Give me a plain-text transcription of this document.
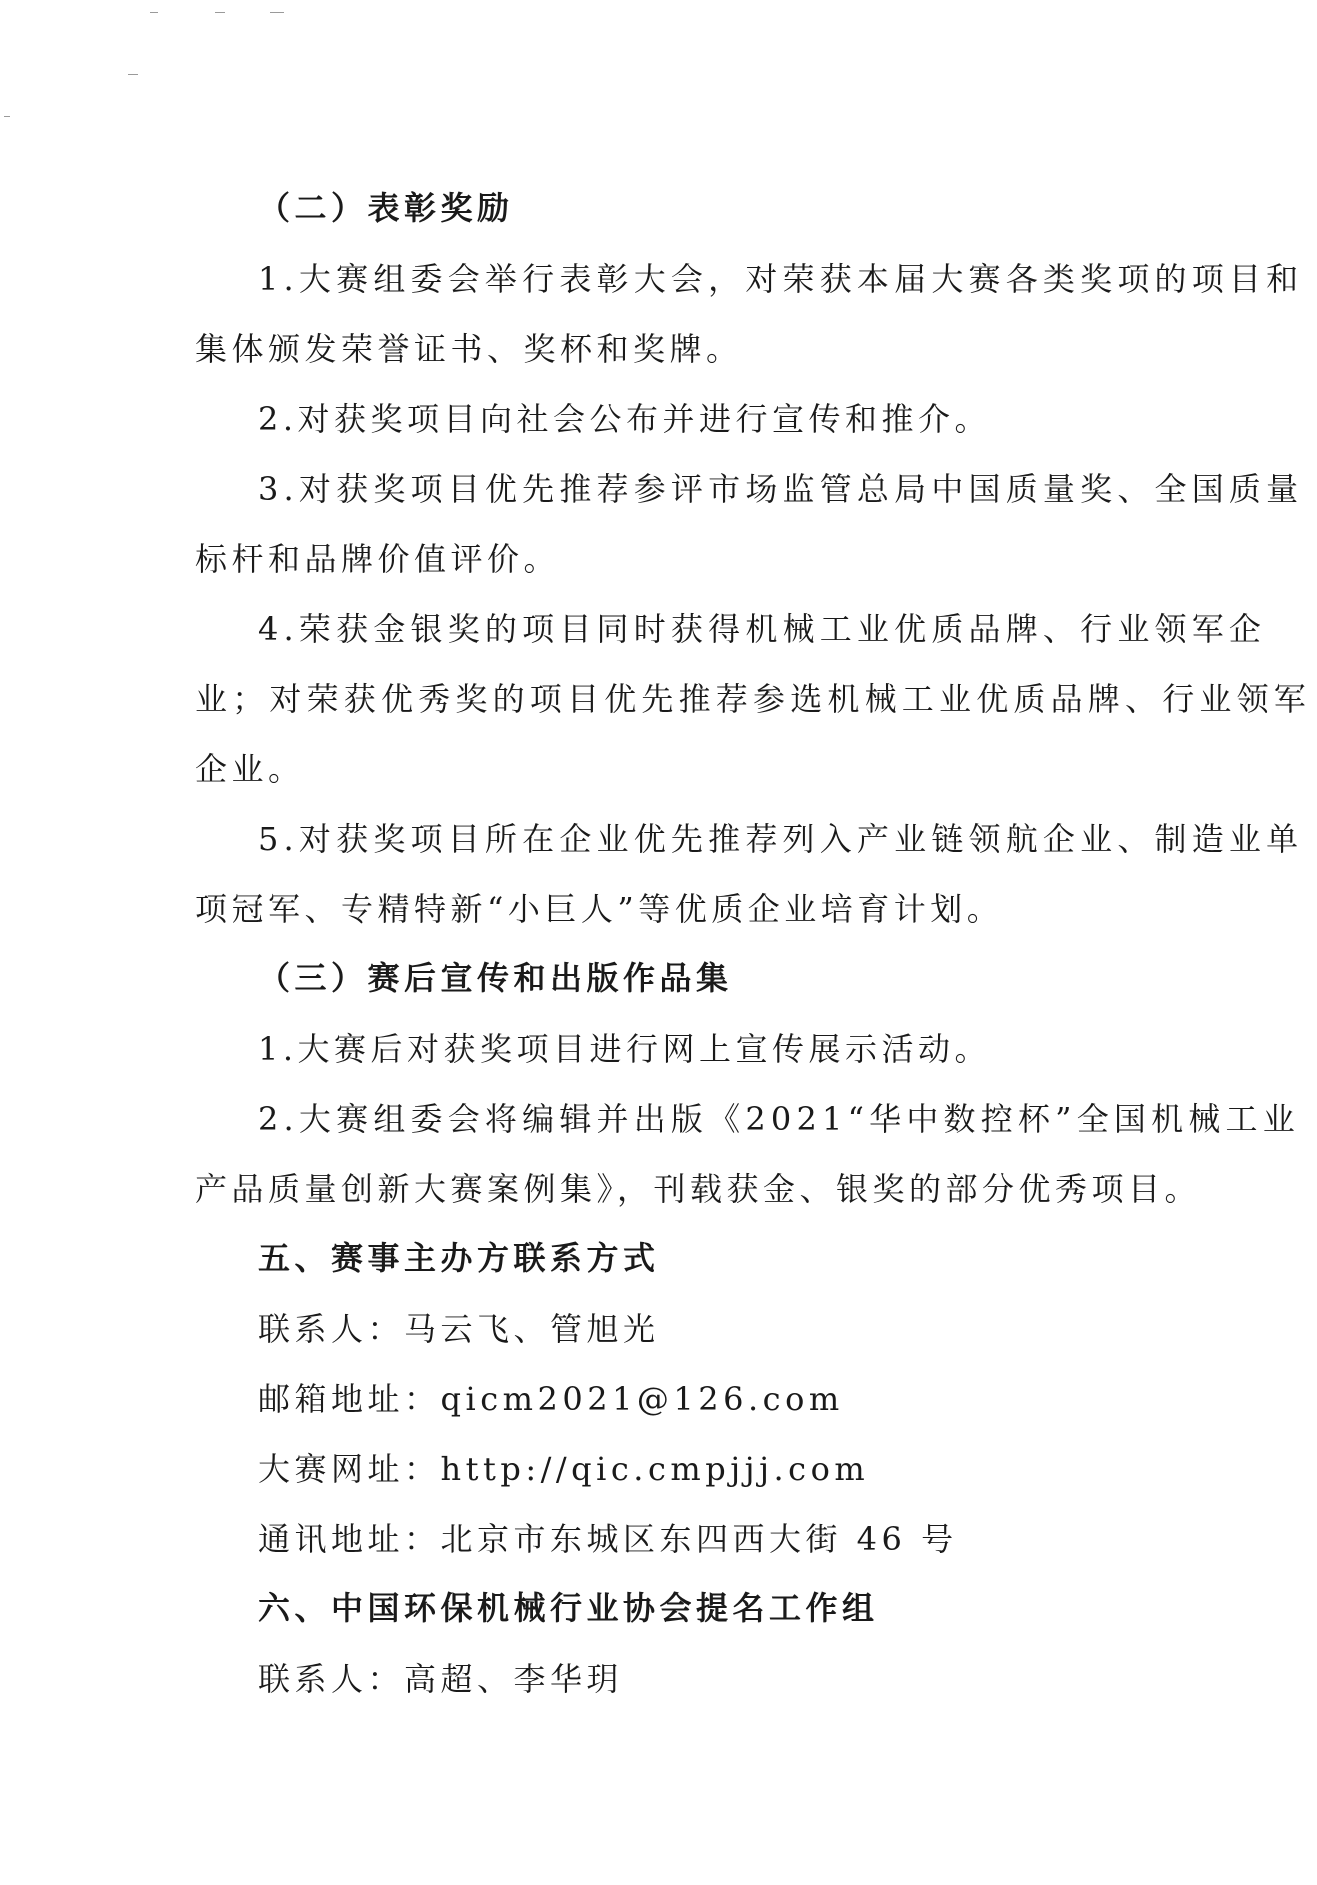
（二）表彰奖励
1.大赛组委会举行表彰大会，对荣获本届大赛各类奖项的项目和
集体颁发荣誉证书、奖杯和奖牌。
2.对获奖项目向社会公布并进行宣传和推介。
3.对获奖项目优先推荐参评市场监管总局中国质量奖、全国质量
标杆和品牌价值评价。
4.荣获金银奖的项目同时获得机械工业优质品牌、行业领军企
业；对荣获优秀奖的项目优先推荐参选机械工业优质品牌、行业领军
企业。
5.对获奖项目所在企业优先推荐列入产业链领航企业、制造业单
项冠军、专精特新“小巨人”等优质企业培育计划。
（三）赛后宣传和出版作品集
1.大赛后对获奖项目进行网上宣传展示活动。
2.大赛组委会将编辑并出版《2021“华中数控杯”全国机械工业
产品质量创新大赛案例集》，刊载获金、银奖的部分优秀项目。
五、赛事主办方联系方式
联系人：马云飞、管旭光
邮箱地址：qicm2021@126.com
大赛网址：http://qic.cmpjjj.com
通讯地址：北京市东城区东四西大街 46 号
六、中国环保机械行业协会提名工作组
联系人：高超、李华玥
